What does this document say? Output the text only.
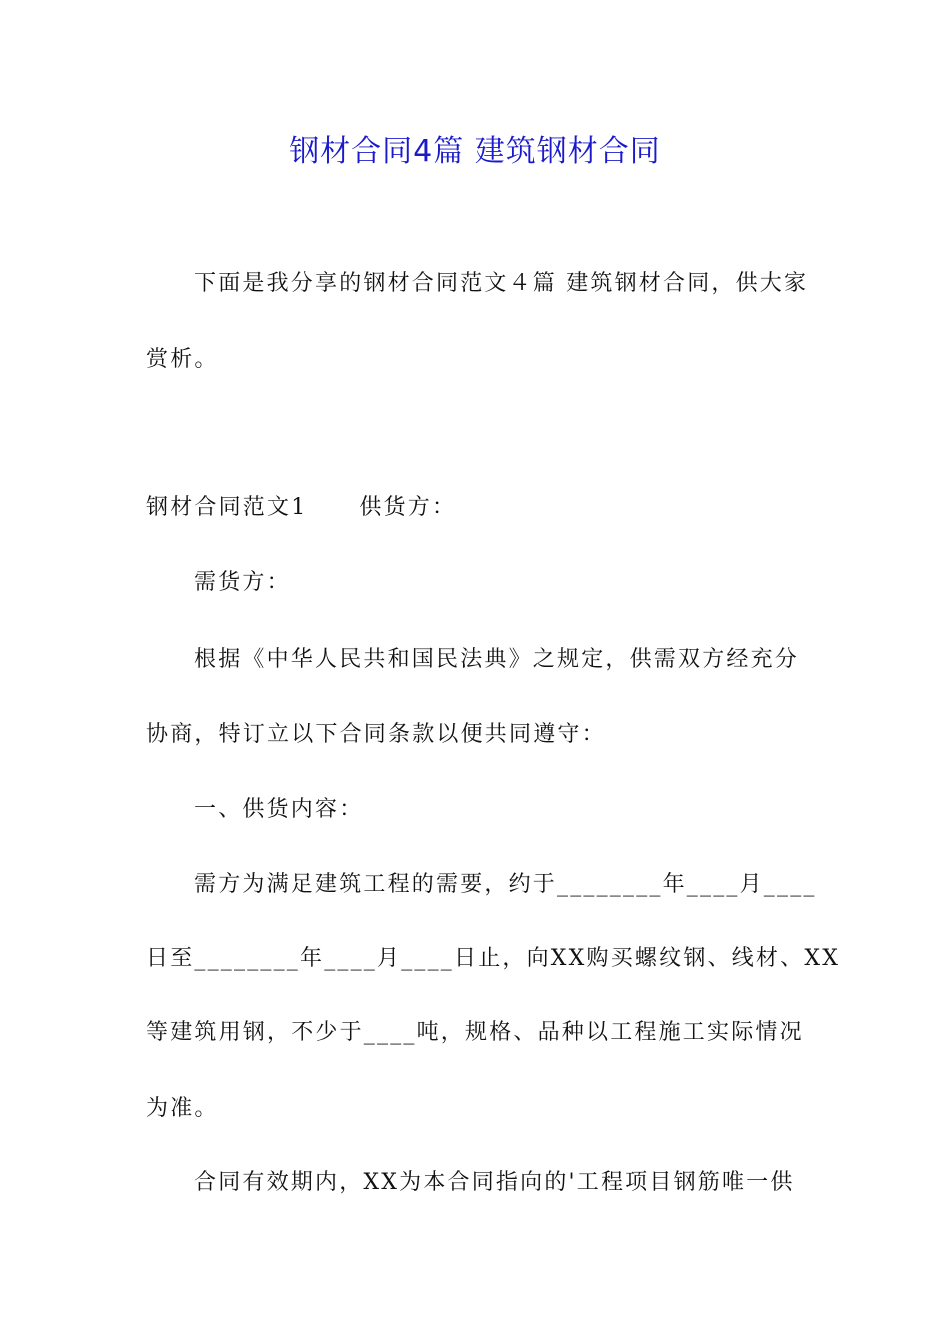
钢材合同4篇 建筑钢材合同

下面是我分享的钢材合同范文４篇 建筑钢材合同，供大家

赏析。

钢材合同范文1 供货方：

需货方：

根据《中华人民共和国民法典》之规定，供需双方经充分

协商，特订立以下合同条款以便共同遵守：

一、供货内容：

需方为满足建筑工程的需要，约于________年____月____

日至________年____月____日止，向XX购买螺纹钢、线材、XX

等建筑用钢，不少于____吨，规格、品种以工程施工实际情况

为准。

合同有效期内，XX为本合同指向的'工程项目钢筋唯一供
